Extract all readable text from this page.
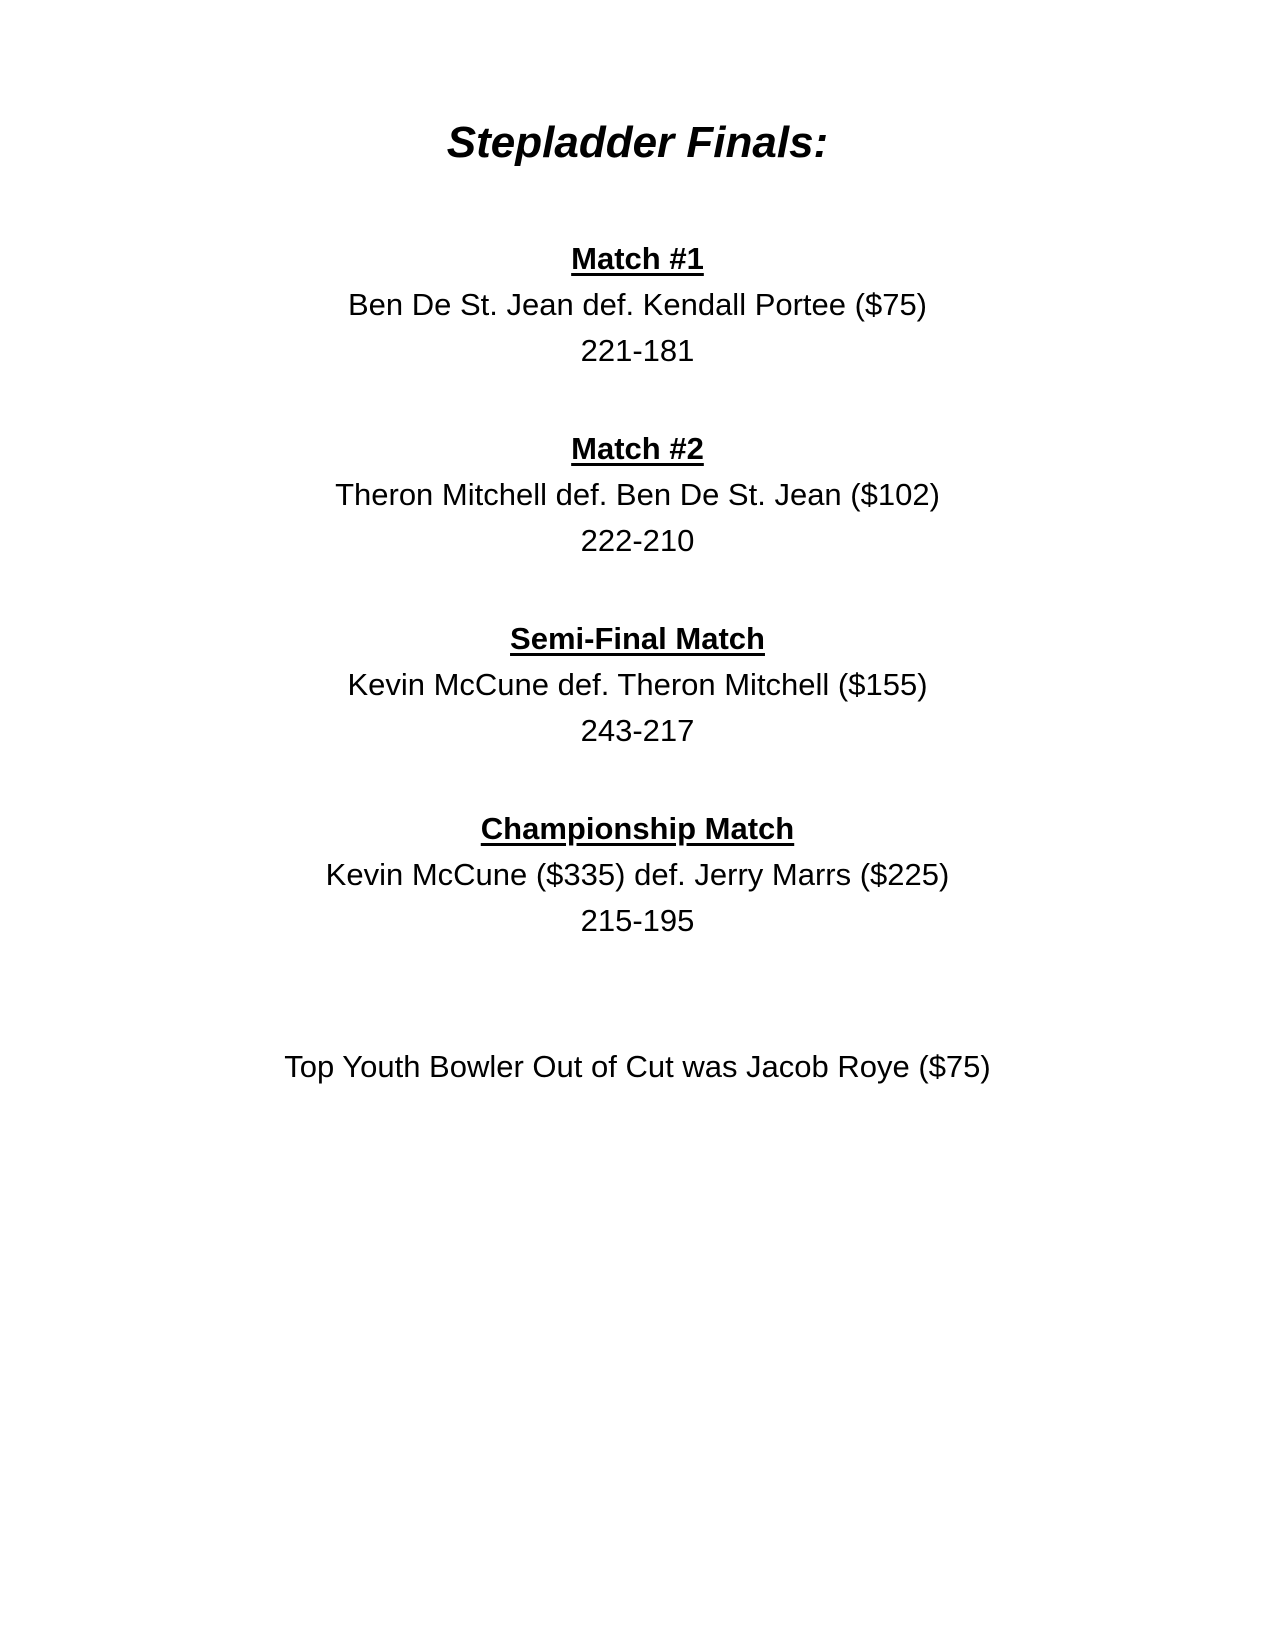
Stepladder Finals:
Match #1
Ben De St. Jean def. Kendall Portee ($75)
221-181
Match #2
Theron Mitchell def. Ben De St. Jean ($102)
222-210
Semi-Final Match
Kevin McCune def. Theron Mitchell ($155)
243-217
Championship Match
Kevin McCune ($335) def. Jerry Marrs ($225)
215-195
Top Youth Bowler Out of Cut was Jacob Roye ($75)
